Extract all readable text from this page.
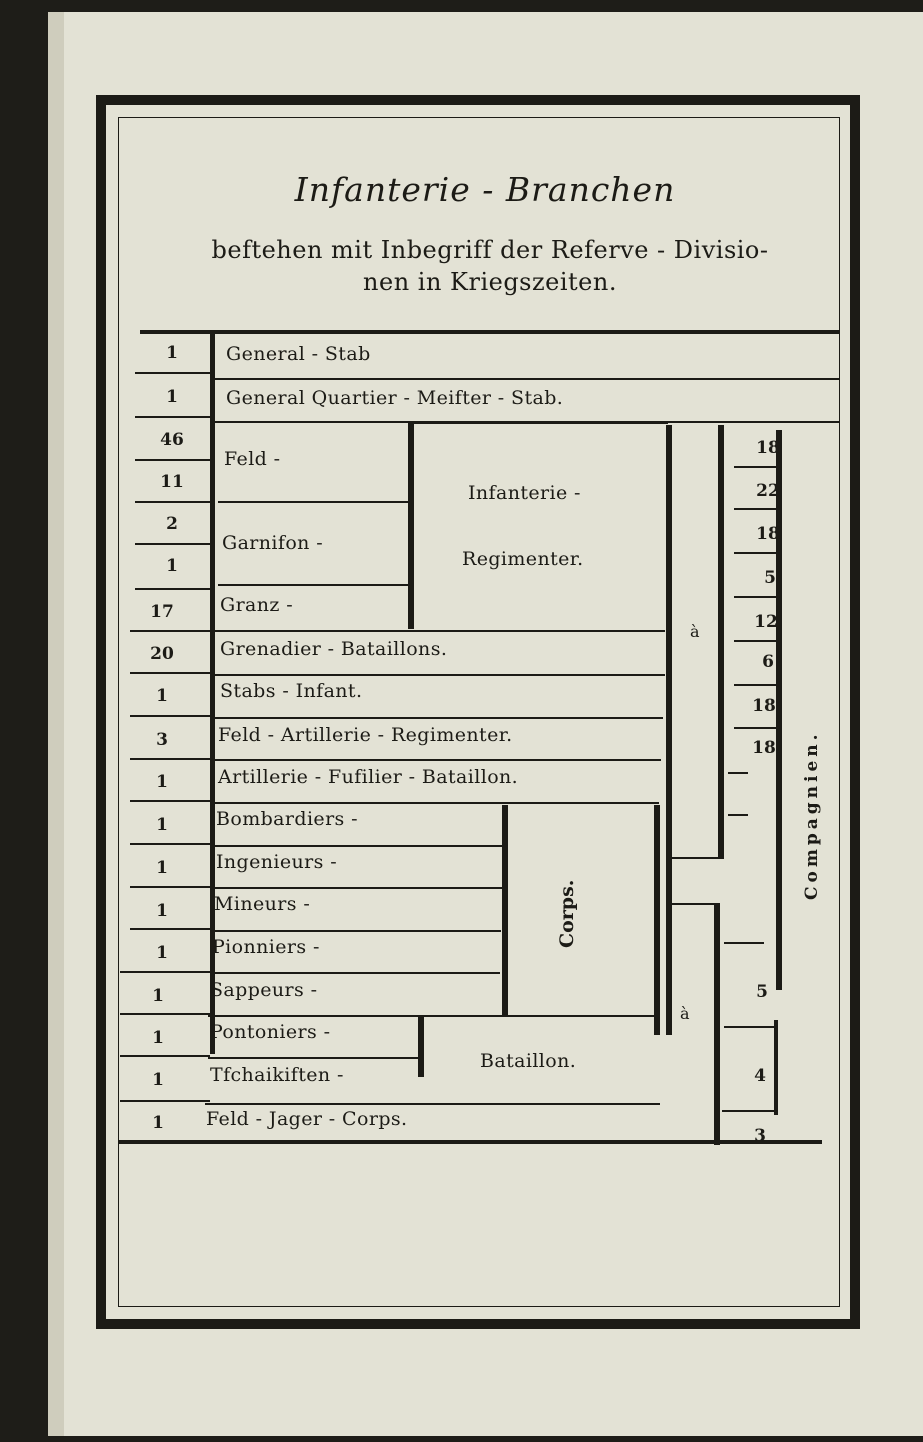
Infanterie - Branchen
beftehen mit Inbegriff der Referve - Divisio-
nen in Kriegszeiten.
1
1
46
11
2
1
17
20
1
3
1
1
1
1
1
1
1
1
1
General - Stab
General Quartier - Meifter - Stab.
Feld -
Garnifon -
Granz -
Grenadier - Bataillons.
Stabs - Infant.
Feld - Artillerie - Regimenter.
Artillerie - Fufilier - Bataillon.
Bombardiers -
Ingenieurs -
Mineurs -
Pionniers -
Sappeurs -
Pontoniers -
Tfchaikiften -
Feld - Jager - Corps.
Infanterie -
Regimenter.
à
à
Corps.
Bataillon.
18
22
18
5
12
6
18
18
5
4
3
Compagnien.
